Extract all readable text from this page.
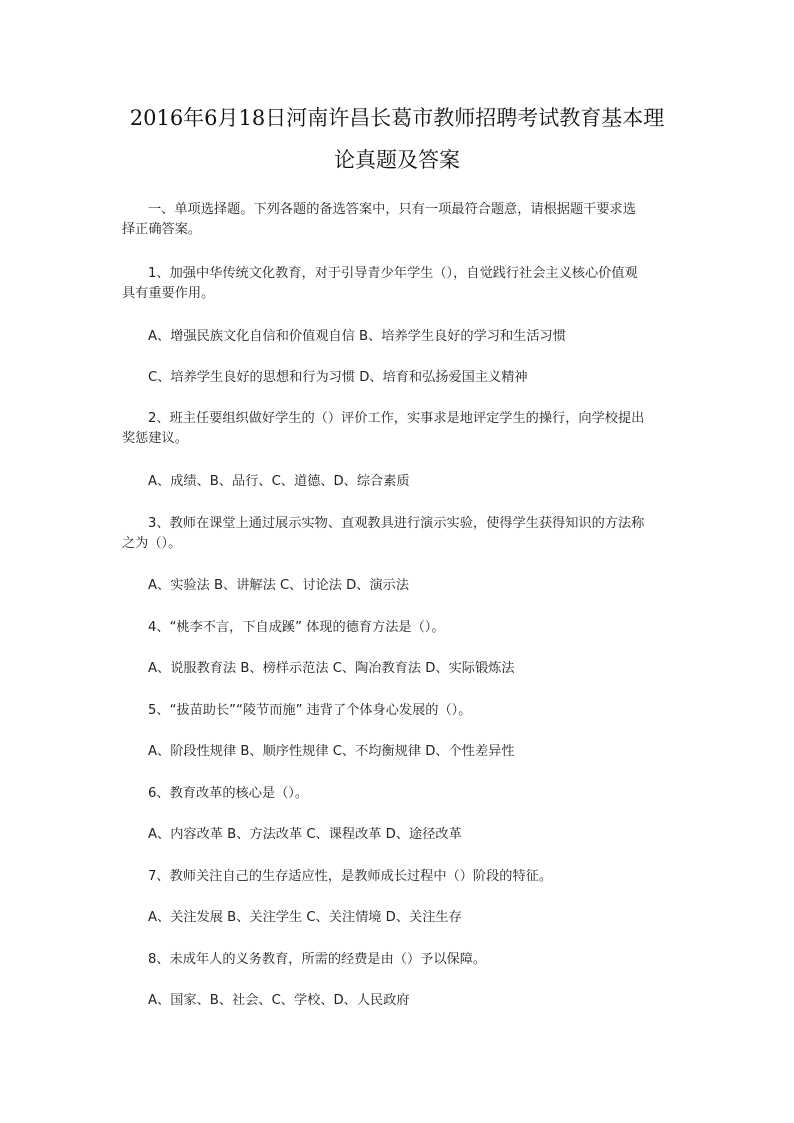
2016年6月18日河南许昌长葛市教师招聘考试教育基本理
论真题及答案
一、单项选择题。下列各题的备选答案中，只有一项最符合题意，请根据题干要求选
择正确答案。
1、加强中华传统文化教育，对于引导青少年学生（），自觉践行社会主义核心价值观
具有重要作用。
A、增强民族文化自信和价值观自信 B、培养学生良好的学习和生活习惯
C、培养学生良好的思想和行为习惯 D、培育和弘扬爱国主义精神
2、班主任要组织做好学生的（）评价工作，实事求是地评定学生的操行，向学校提出
奖惩建议。
A、成绩、B、品行、C、道德、D、综合素质
3、教师在课堂上通过展示实物、直观教具进行演示实验，使得学生获得知识的方法称
之为（）。
A、实验法 B、讲解法 C、讨论法 D、演示法
4、“桃李不言，下自成蹊” 体现的德育方法是（）。
A、说服教育法 B、榜样示范法 C、陶冶教育法 D、实际锻炼法
5、“拔苗助长”“陵节而施” 违背了个体身心发展的（）。
A、阶段性规律 B、顺序性规律 C、不均衡规律 D、个性差异性
6、教育改革的核心是（）。
A、内容改革 B、方法改革 C、课程改革 D、途径改革
7、教师关注自己的生存适应性，是教师成长过程中（）阶段的特征。
A、关注发展 B、关注学生 C、关注情境 D、关注生存
8、未成年人的义务教育，所需的经费是由（）予以保障。
A、国家、B、社会、C、学校、D、人民政府
